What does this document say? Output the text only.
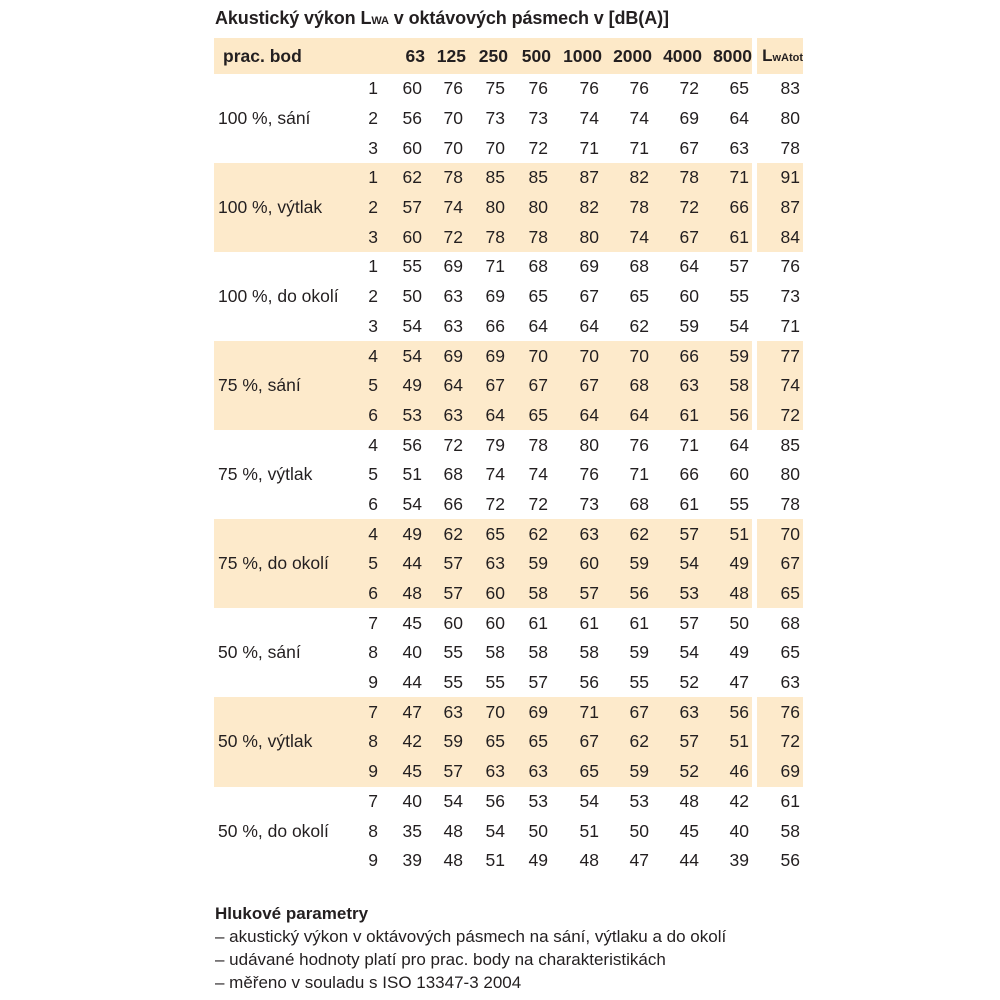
Akustický výkon LWA v oktávových pásmech v [dB(A)]
prac. bod		63	125	250	500	1000	2000	4000	8000		LwAtot
100 %, sání	1	60	76	75	76	76	76	72	65		83
	2	56	70	73	73	74	74	69	64		80
	3	60	70	70	72	71	71	67	63		78
100 %, výtlak	1	62	78	85	85	87	82	78	71		91
	2	57	74	80	80	82	78	72	66		87
	3	60	72	78	78	80	74	67	61		84
100 %, do okolí	1	55	69	71	68	69	68	64	57		76
	2	50	63	69	65	67	65	60	55		73
	3	54	63	66	64	64	62	59	54		71
75 %, sání	4	54	69	69	70	70	70	66	59		77
	5	49	64	67	67	67	68	63	58		74
	6	53	63	64	65	64	64	61	56		72
75 %, výtlak	4	56	72	79	78	80	76	71	64		85
	5	51	68	74	74	76	71	66	60		80
	6	54	66	72	72	73	68	61	55		78
75 %, do okolí	4	49	62	65	62	63	62	57	51		70
	5	44	57	63	59	60	59	54	49		67
	6	48	57	60	58	57	56	53	48		65
50 %, sání	7	45	60	60	61	61	61	57	50		68
	8	40	55	58	58	58	59	54	49		65
	9	44	55	55	57	56	55	52	47		63
50 %, výtlak	7	47	63	70	69	71	67	63	56		76
	8	42	59	65	65	67	62	57	51		72
	9	45	57	63	63	65	59	52	46		69
50 %, do okolí	7	40	54	56	53	54	53	48	42		61
	8	35	48	54	50	51	50	45	40		58
	9	39	48	51	49	48	47	44	39		56
Hlukové parametry
– akustický výkon v oktávových pásmech na sání, výtlaku a do okolí
– udávané hodnoty platí pro prac. body na charakteristikách
– měřeno v souladu s ISO 13347-3 2004
